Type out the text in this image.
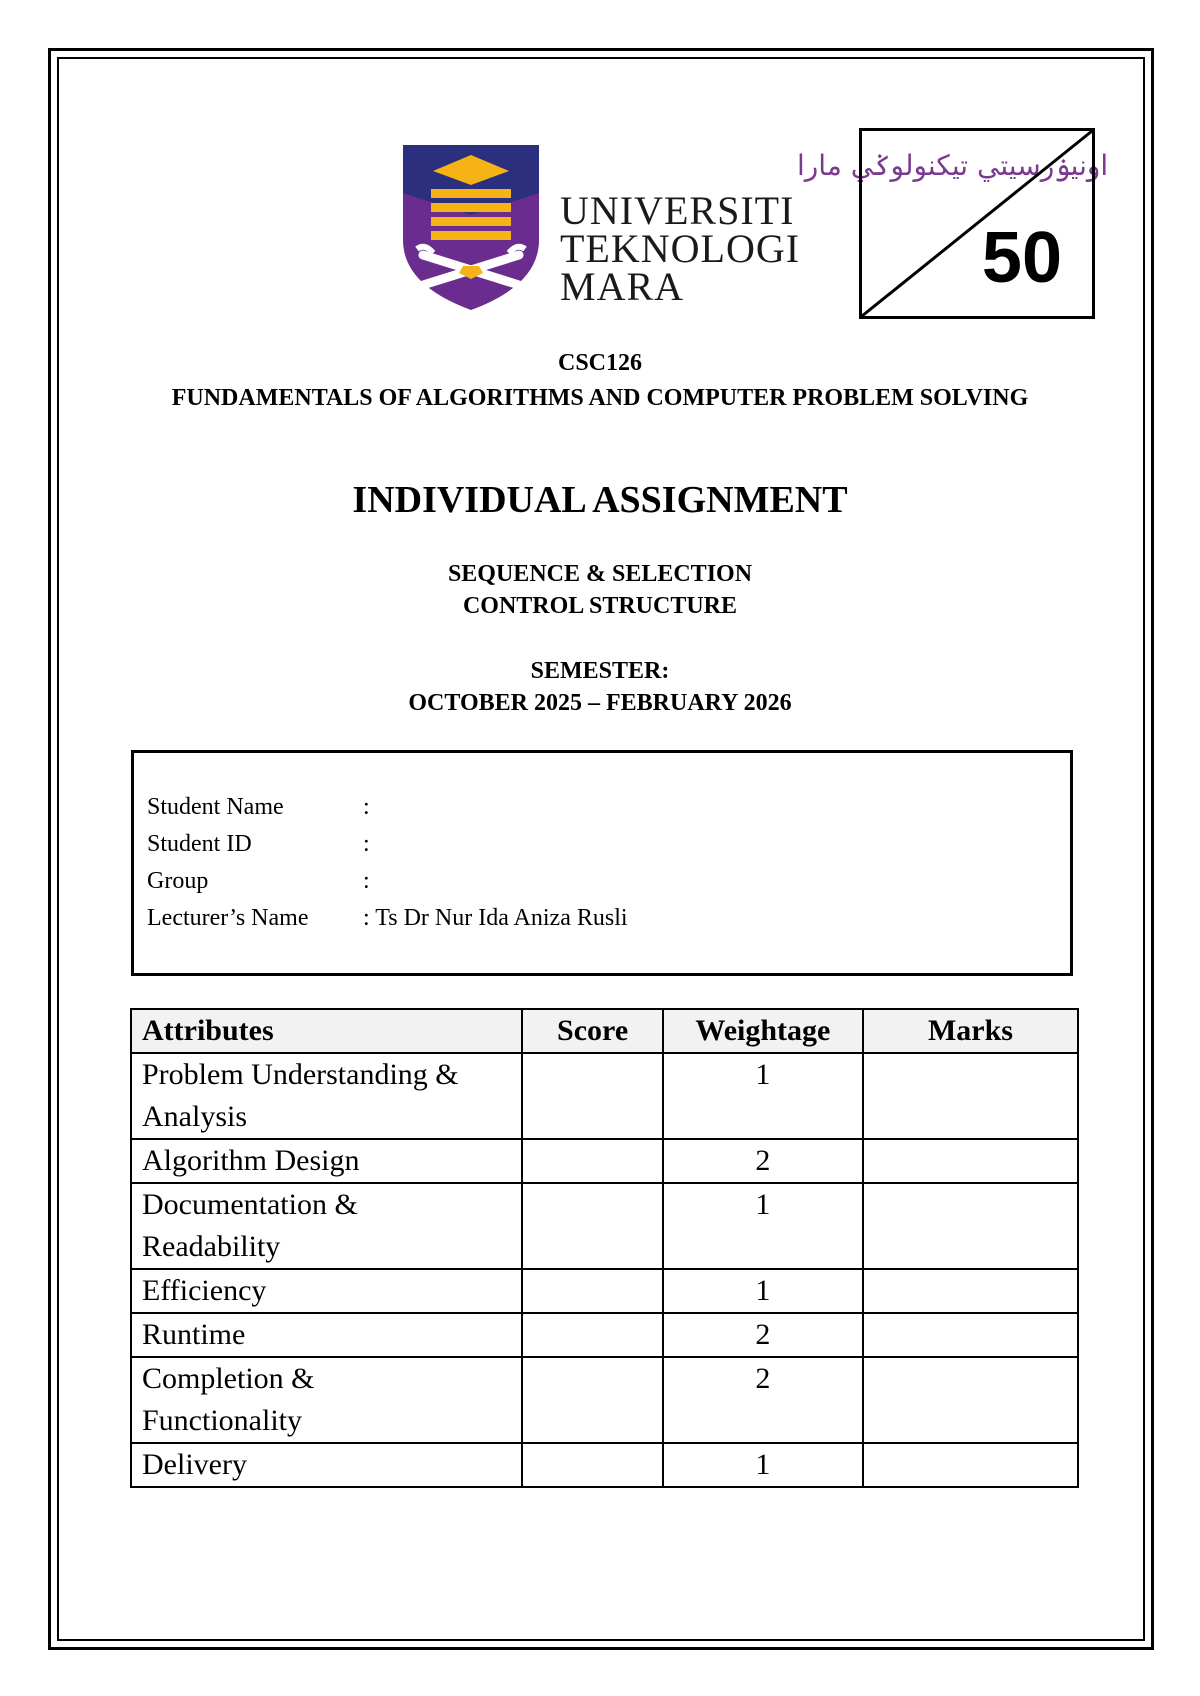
اونيۏرسيتي تيکنولوݢي مارا
UNIVERSITI
TEKNOLOGI
MARA	50
CSC126
FUNDAMENTALS OF ALGORITHMS AND COMPUTER PROBLEM SOLVING
INDIVIDUAL ASSIGNMENT
SEQUENCE & SELECTION
CONTROL STRUCTURE
SEMESTER:
OCTOBER 2025 – FEBRUARY 2026
Student Name	:
Student ID	:
Group	:
Lecturer’s Name : Ts Dr Nur Ida Aniza Rusli
Attributes	Score	Weightage	Marks

Problem Understanding &
Analysis		1	

Algorithm Design		2	

Documentation &
Readability		1	

Efficiency		1	

Runtime		2	

Completion &
Functionality		2	

Delivery		1	
